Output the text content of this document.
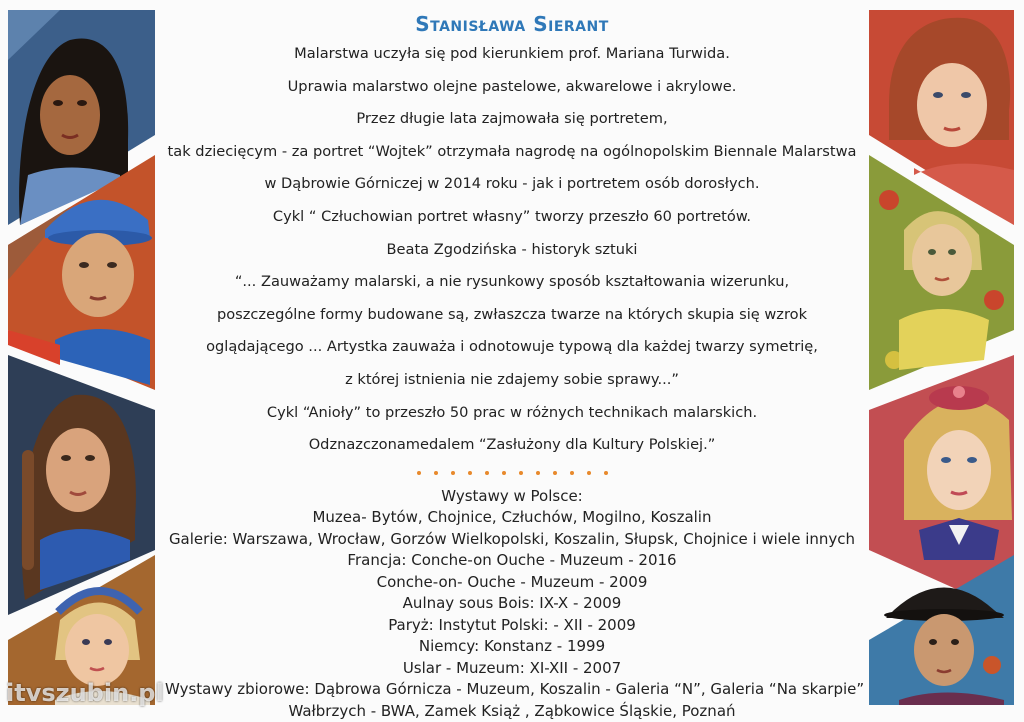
Stanisława Sierant
Malarstwa uczyła się pod kierunkiem prof. Mariana Turwida.
Uprawia malarstwo olejne pastelowe, akwarelowe i akrylowe.
Przez długie lata zajmowała się portretem,
tak dziecięcym - za portret “Wojtek” otrzymała nagrodę na ogólnopolskim Biennale Malarstwa
w Dąbrowie Górniczej w 2014 roku - jak i portretem osób dorosłych.
Cykl “ Człuchowian portret własny” tworzy przeszło 60 portretów.
Beata Zgodzińska - historyk sztuki
“... Zauważamy malarski, a nie rysunkowy sposób kształtowania wizerunku,
poszczególne formy budowane są, zwłaszcza twarze na których skupia się wzrok
oglądającego ... Artystka zauważa i odnotowuje typową dla każdej twarzy symetrię,
z której istnienia nie zdajemy sobie sprawy...”
Cykl “Anioły” to przeszło 50 prac w różnych technikach malarskich.
Odznazczonamedalem “Zasłużony dla Kultury Polskiej.”
Wystawy w Polsce:
Muzea- Bytów, Chojnice, Człuchów, Mogilno, Koszalin
Galerie: Warszawa, Wrocław, Gorzów Wielkopolski, Koszalin, Słupsk, Chojnice i wiele innych
Francja: Conche-on Ouche - Muzeum - 2016
Conche-on- Ouche - Muzeum - 2009
Aulnay sous Bois: IX-X - 2009
Paryż: Instytut Polski: - XII - 2009
Niemcy: Konstanz - 1999
Uslar - Muzeum: XI-XII - 2007
Wystawy zbiorowe: Dąbrowa Górnicza - Muzeum, Koszalin - Galeria “N”, Galeria “Na skarpie”
Wałbrzych - BWA, Zamek Książ , Ząbkowice Śląskie, Poznań
itvszubin.pl
